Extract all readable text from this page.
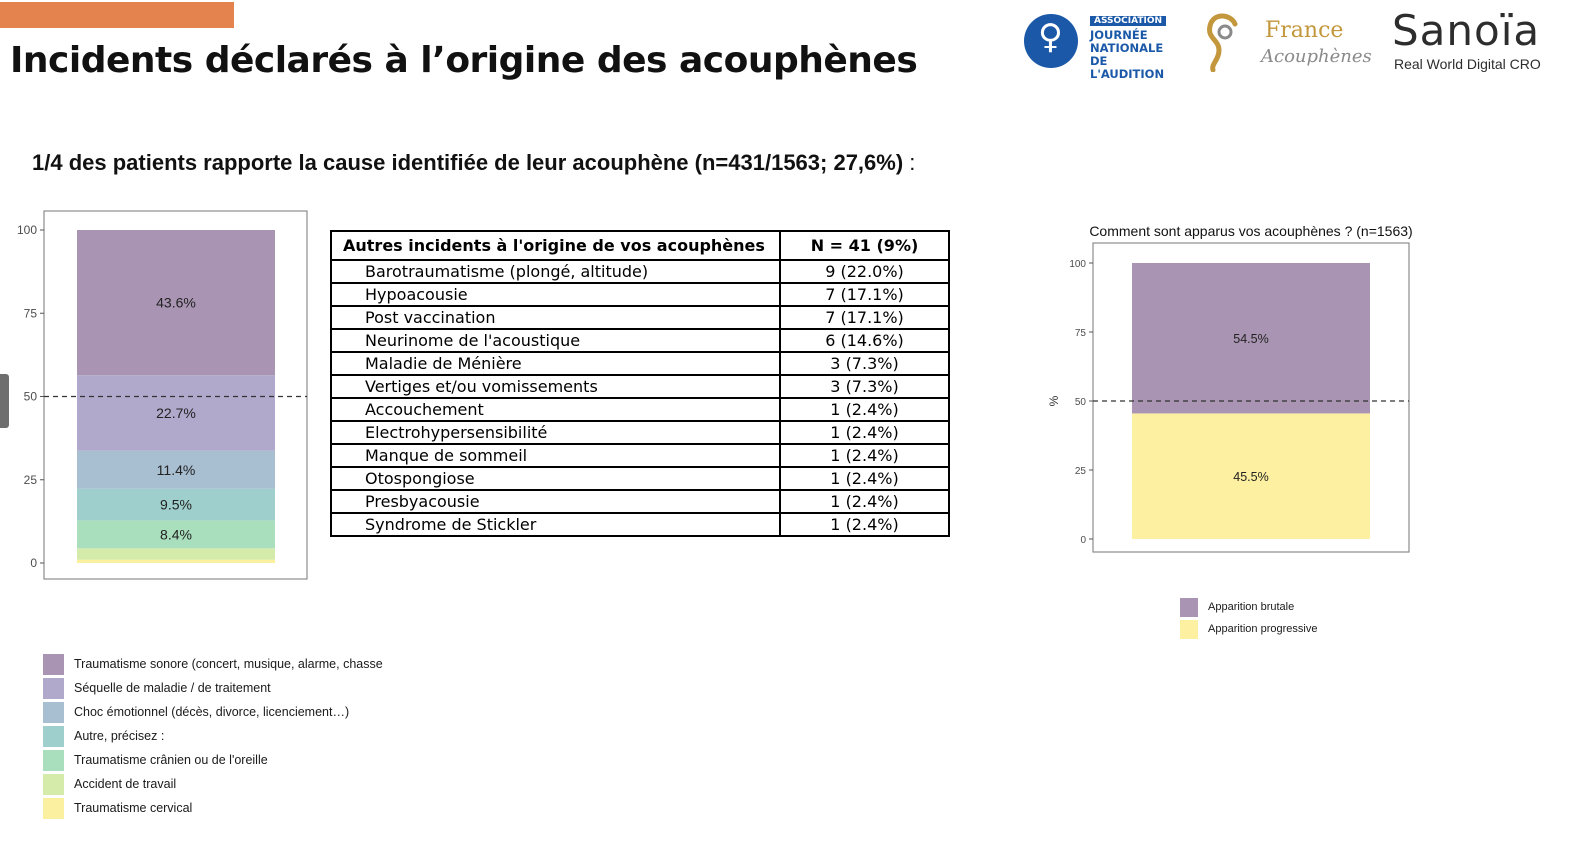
Incidents déclarés à l’origine des acouphènes
♀	ASSOCIATION
JOURNÉE
NATIONALE DE
L'AUDITION
France
Acouphènes
Sanoïa
Real World Digital CRO

1/4 des patients rapporte la cause identifiée de leur acouphène (n=431/1563; 27,6%) :

0
25
50
75
100
8.4%
9.5%
11.4%
22.7%
43.6%
Autres incidents à l'origine de vos acouphènes	N = 41 (9%)
Barotraumatisme (plongé, altitude)	9 (22.0%)
Hypoacousie	7 (17.1%)
Post vaccination	7 (17.1%)
Neurinome de l'acoustique	6 (14.6%)
Maladie de Ménière	3 (7.3%)
Vertiges et/ou vomissements	3 (7.3%)
Accouchement	1 (2.4%)
Electrohypersensibilité	1 (2.4%)
Manque de sommeil	1 (2.4%)
Otospongiose	1 (2.4%)
Presbyacousie	1 (2.4%)
Syndrome de Stickler	1 (2.4%)
Comment sont apparus vos acouphènes ? (n=1563)
%
0
25
50
75
100
45.5%
54.5%
Traumatisme sonore (concert, musique, alarme, chasse
Séquelle de maladie / de traitement
Choc émotionnel (décès, divorce, licenciement…)
Autre, précisez :
Traumatisme crânien ou de l'oreille
Accident de travail
Traumatisme cervical
Apparition brutale
Apparition progressive
